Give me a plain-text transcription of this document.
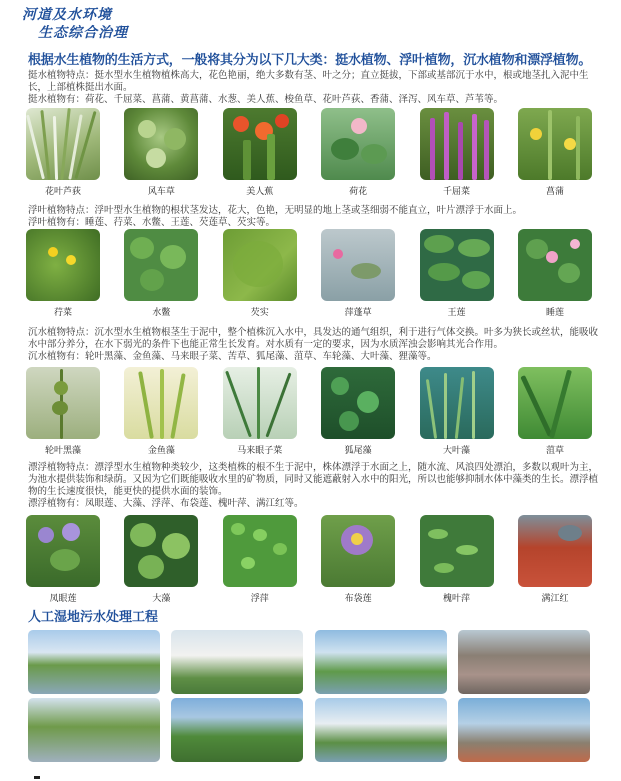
河道及水环境
生态综合治理
根据水生植物的生活方式，一般将其分为以下几大类：挺水植物、浮叶植物，沉水植物和漂浮植物。

挺水植物特点：挺水型水生植物植株高大，花色艳丽，绝大多数有茎、叶之分；直立挺拔，下部或基部沉于水中，根或地茎扎入泥中生长，上部植株挺出水面。

挺水植物有：荷花、千屈菜、菖蒲、黄菖蒲、水葱、美人蕉、梭鱼草、花叶芦荻、香蒲、泽泻、风车草、芦苇等。

花叶芦荻	风车草	美人蕉	荷花	千屈菜	菖蒲

浮叶植物特点：浮叶型水生植物的根状茎发达，花大，色艳，无明显的地上茎或茎细弱不能直立，叶片漂浮于水面上。

浮叶植物有：睡莲、荇菜、水鳖、王莲、芡莲草、芡实等。

荇菜	水鳖	芡实	萍蓬草	王莲	睡莲

沉水植物特点：沉水型水生植物根茎生于泥中，整个植株沉入水中，具发达的通气组织，利于进行气体交换。叶多为狭长或丝状，能吸收水中部分养分，在水下弱光的条件下也能正常生长发育。对水质有一定的要求，因为水质浑浊会影响其光合作用。

沉水植物有：轮叶黑藻、金鱼藻、马来眼子菜、苦草、狐尾藻、菹草、车轮藻、大叶藻、狸藻等。

轮叶黑藻	金鱼藻	马来眼子菜	狐尾藻	大叶藻	菹草

漂浮植物特点：漂浮型水生植物种类较少，这类植株的根不生于泥中，株体漂浮于水面之上，随水流、风浪四处漂泊，多数以观叶为主，为池水提供装饰和绿荫。又因为它们既能吸收水里的矿物质，同时又能遮蔽射入水中的阳光，所以也能够抑制水体中藻类的生长。漂浮植物的生长速度很快，能更快的提供水面的装饰。

漂浮植物有：凤眼莲、大藻、浮萍、布袋莲、槐叶萍、满江红等。

凤眼莲	大藻	浮萍	布袋莲	槐叶萍	满江红
人工湿地污水处理工程
